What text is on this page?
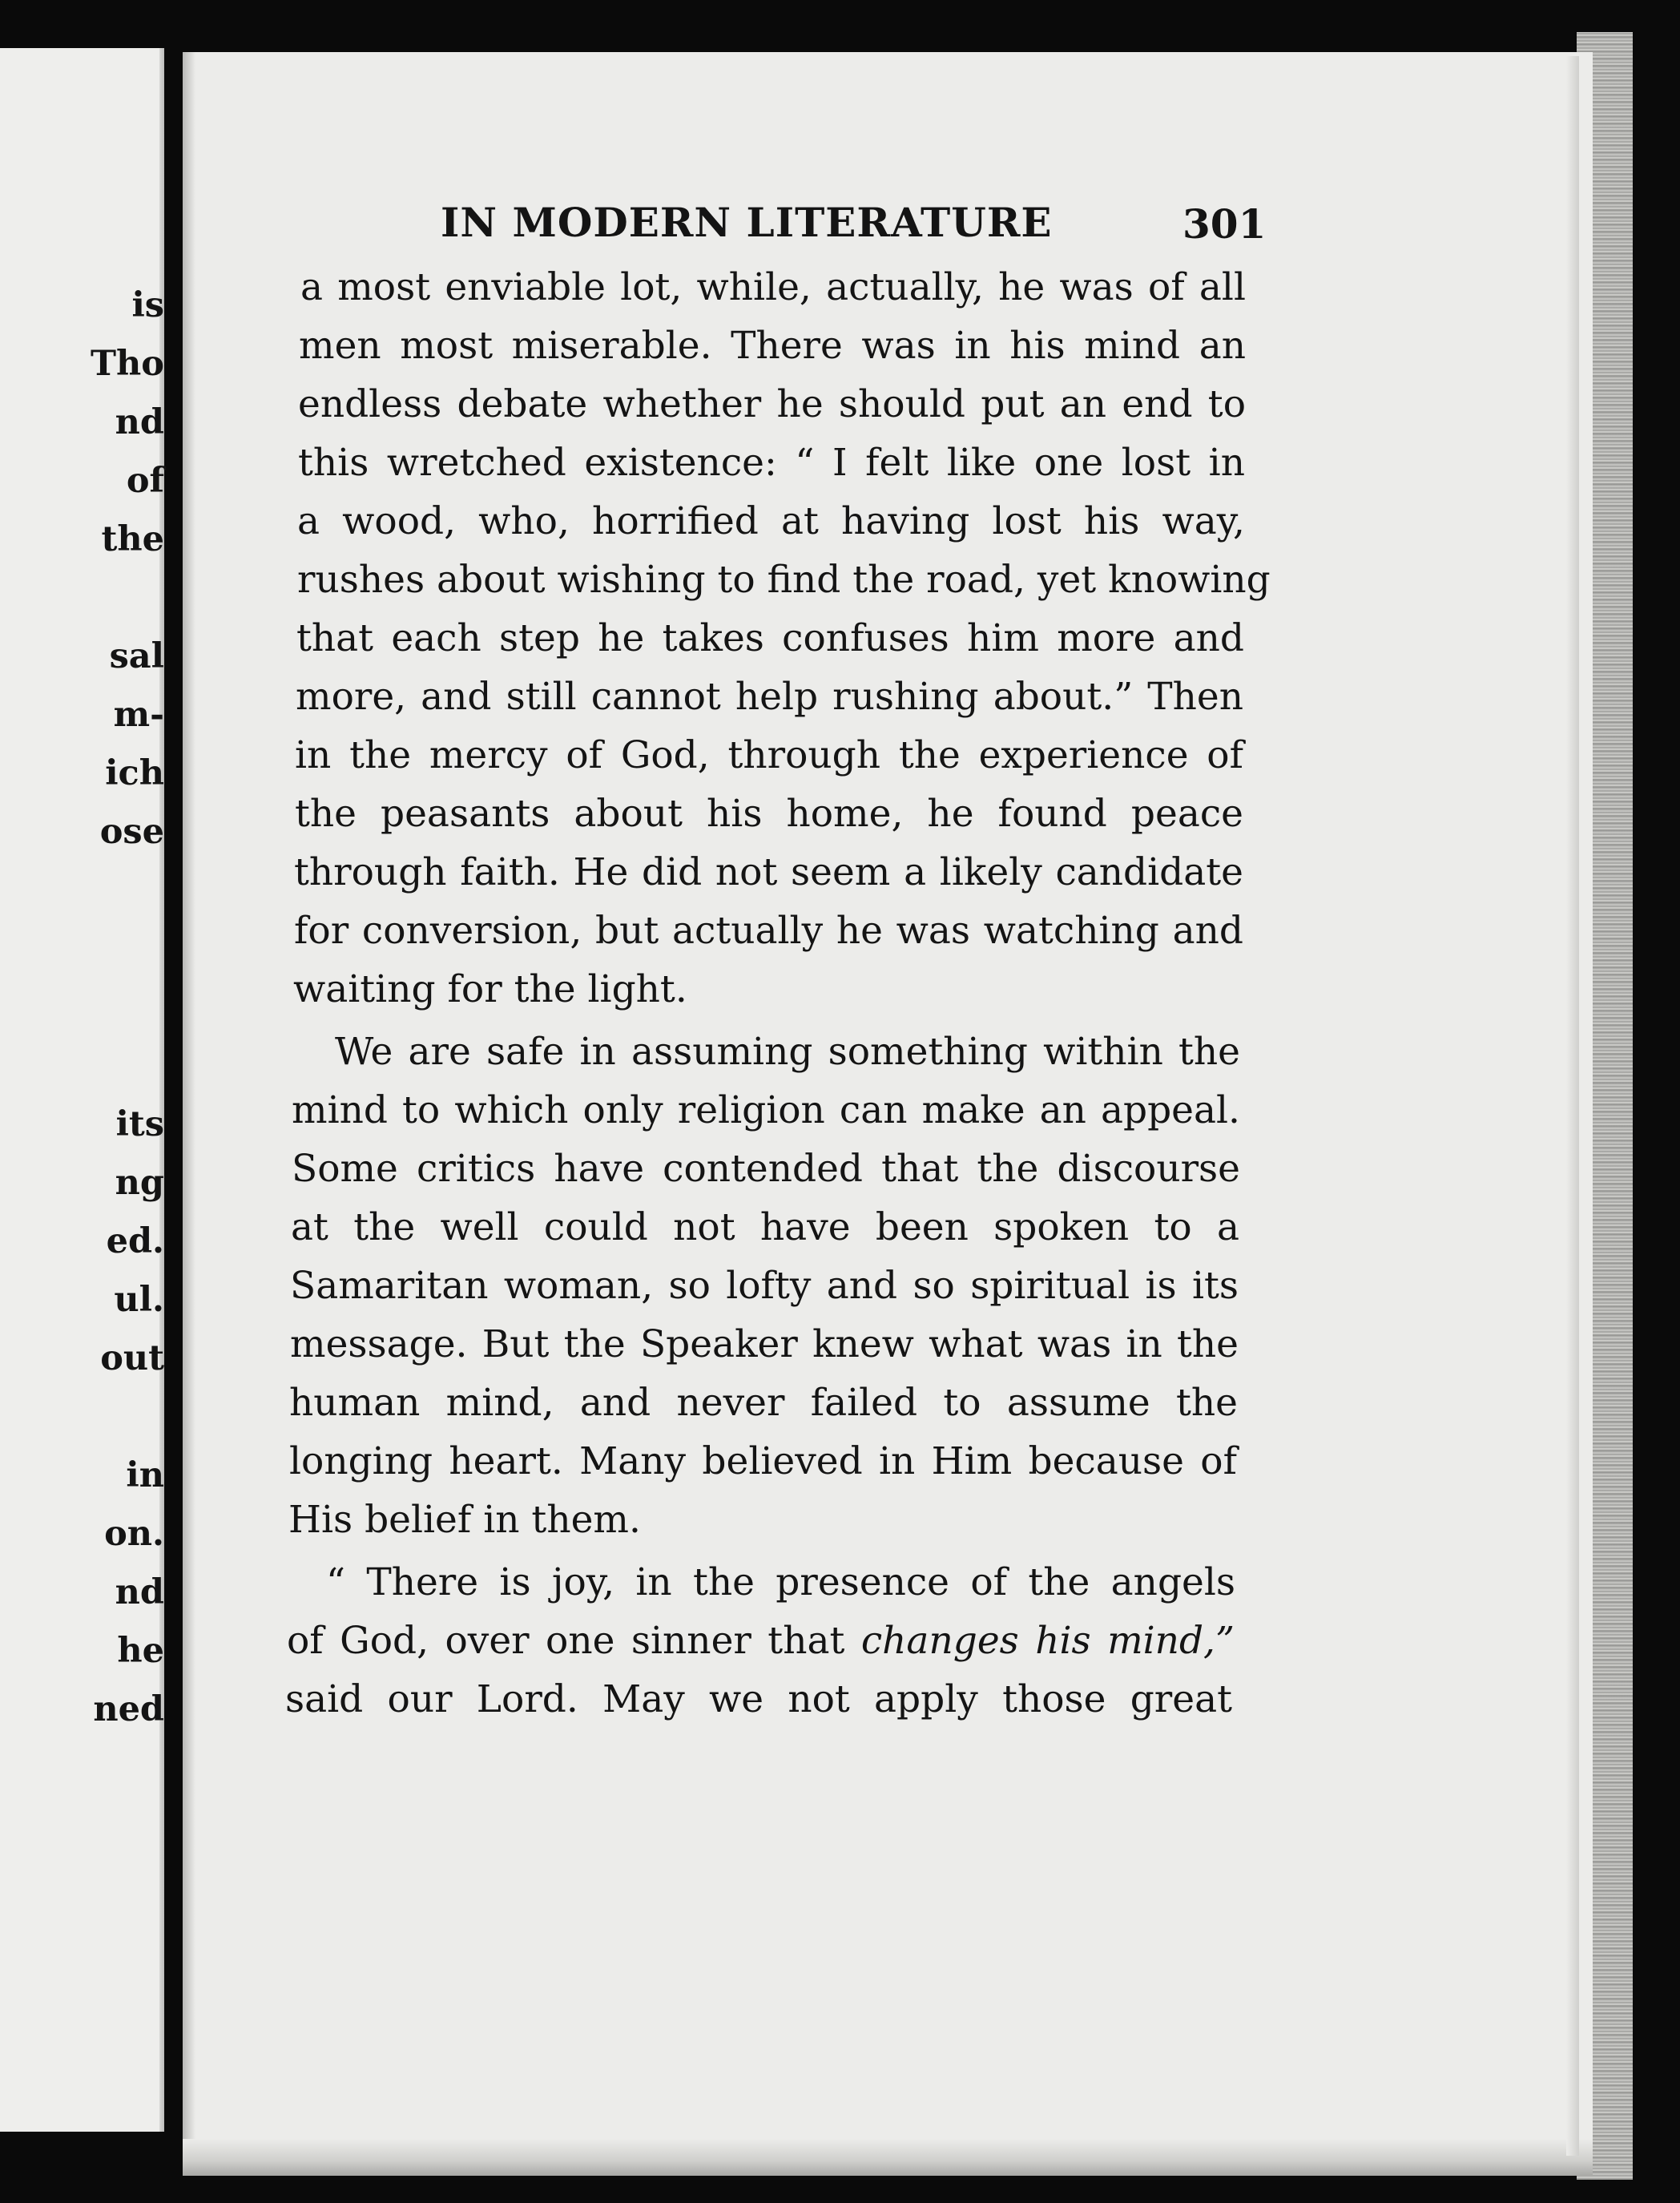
is
Tho
nd
of
the
sal
m-
ich
ose
its
ng
ed.
ul.
out
in
on.
nd
he
ned
IN MODERN LITERATURE	301
a most enviable lot, while, actually, he was of all
men most miserable. There was in his mind an
endless debate whether he should put an end to
this wretched existence: “ I felt like one lost in
a wood, who, horrified at having lost his way,
rushes about wishing to find the road, yet knowing
that each step he takes confuses him more and
more, and still cannot help rushing about.” Then
in the mercy of God, through the experience of
the peasants about his home, he found peace
through faith. He did not seem a likely candidate
for conversion, but actually he was watching and
waiting for the light.
We are safe in assuming something within the
mind to which only religion can make an appeal.
Some critics have contended that the discourse
at the well could not have been spoken to a
Samaritan woman, so lofty and so spiritual is its
message. But the Speaker knew what was in the
human mind, and never failed to assume the
longing heart. Many believed in Him because of
His belief in them.
“ There is joy, in the presence of the angels
of God, over one sinner that changes his mind,”
said our Lord. May we not apply those great
